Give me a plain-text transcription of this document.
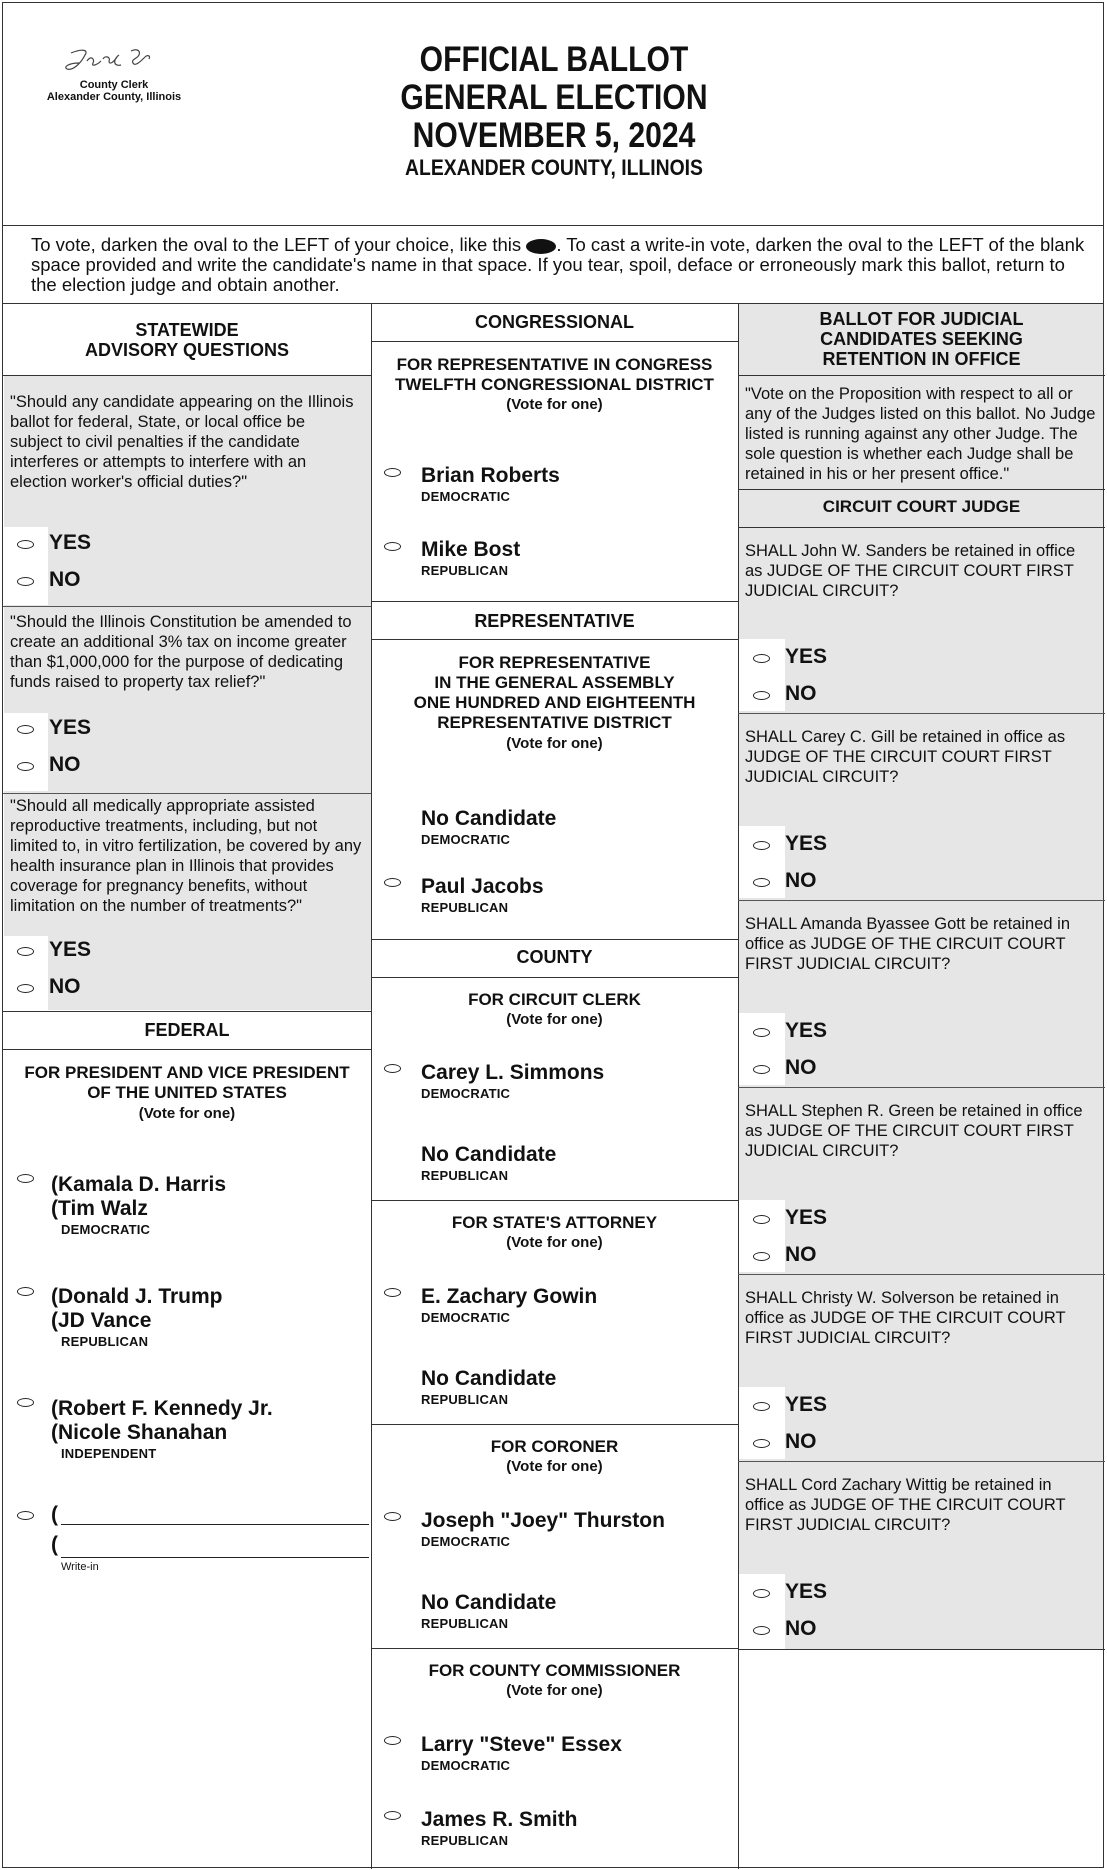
County Clerk
Alexander County, Illinois
OFFICIAL BALLOT
GENERAL ELECTION
NOVEMBER 5, 2024
ALEXANDER COUNTY, ILLINOIS
To vote, darken the oval to the LEFT of your choice, like this . To cast a write-in vote, darken the oval to the LEFT of the blank space provided and write the candidate's name in that space. If you tear, spoil, deface or erroneously mark this ballot, return to the election judge and obtain another.
STATEWIDE
ADVISORY QUESTIONS
"Should any candidate appearing on the Illinois ballot for federal, State, or local office be subject to civil penalties if the candidate interferes or attempts to interfere with an election worker's official duties?"
YES
NO
"Should the Illinois Constitution be amended to create an additional 3% tax on income greater than $1,000,000 for the purpose of dedicating funds raised to property tax relief?"
YES
NO
"Should all medically appropriate assisted reproductive treatments, including, but not limited to, in vitro fertilization, be covered by any health insurance plan in Illinois that provides coverage for pregnancy benefits, without limitation on the number of treatments?"
YES
NO
FEDERAL
FOR PRESIDENT AND VICE PRESIDENT
OF THE UNITED STATES
(Vote for one)
(Kamala D. Harris
(Tim Walz
DEMOCRATIC
(Donald J. Trump
(JD Vance
REPUBLICAN
(Robert F. Kennedy Jr.
(Nicole Shanahan
INDEPENDENT
(
(
Write-in
CONGRESSIONAL
FOR REPRESENTATIVE IN CONGRESS
TWELFTH CONGRESSIONAL DISTRICT
(Vote for one)
Brian Roberts
DEMOCRATIC
Mike Bost
REPUBLICAN
REPRESENTATIVE
FOR REPRESENTATIVE
IN THE GENERAL ASSEMBLY
ONE HUNDRED AND EIGHTEENTH
REPRESENTATIVE DISTRICT
(Vote for one)
No Candidate
DEMOCRATIC
Paul Jacobs
REPUBLICAN
COUNTY
FOR CIRCUIT CLERK
(Vote for one)
Carey L. Simmons
DEMOCRATIC
No Candidate
REPUBLICAN
FOR STATE'S ATTORNEY
(Vote for one)
E. Zachary Gowin
DEMOCRATIC
No Candidate
REPUBLICAN
FOR CORONER
(Vote for one)
Joseph "Joey" Thurston
DEMOCRATIC
No Candidate
REPUBLICAN
FOR COUNTY COMMISSIONER
(Vote for one)
Larry "Steve" Essex
DEMOCRATIC
James R. Smith
REPUBLICAN
BALLOT FOR JUDICIAL
CANDIDATES SEEKING
RETENTION IN OFFICE
"Vote on the Proposition with respect to all or any of the Judges listed on this ballot. No Judge listed is running against any other Judge. The sole question is whether each Judge shall be retained in his or her present office."
CIRCUIT COURT JUDGE
SHALL John W. Sanders be retained in office as JUDGE OF THE CIRCUIT COURT FIRST JUDICIAL CIRCUIT?
YES
NO
SHALL Carey C. Gill be retained in office as JUDGE OF THE CIRCUIT COURT FIRST JUDICIAL CIRCUIT?
YES
NO
SHALL Amanda Byassee Gott be retained in office as JUDGE OF THE CIRCUIT COURT FIRST JUDICIAL CIRCUIT?
YES
NO
SHALL Stephen R. Green be retained in office as JUDGE OF THE CIRCUIT COURT FIRST JUDICIAL CIRCUIT?
YES
NO
SHALL Christy W. Solverson be retained in office as JUDGE OF THE CIRCUIT COURT FIRST JUDICIAL CIRCUIT?
YES
NO
SHALL Cord Zachary Wittig be retained in office as JUDGE OF THE CIRCUIT COURT FIRST JUDICIAL CIRCUIT?
YES
NO
